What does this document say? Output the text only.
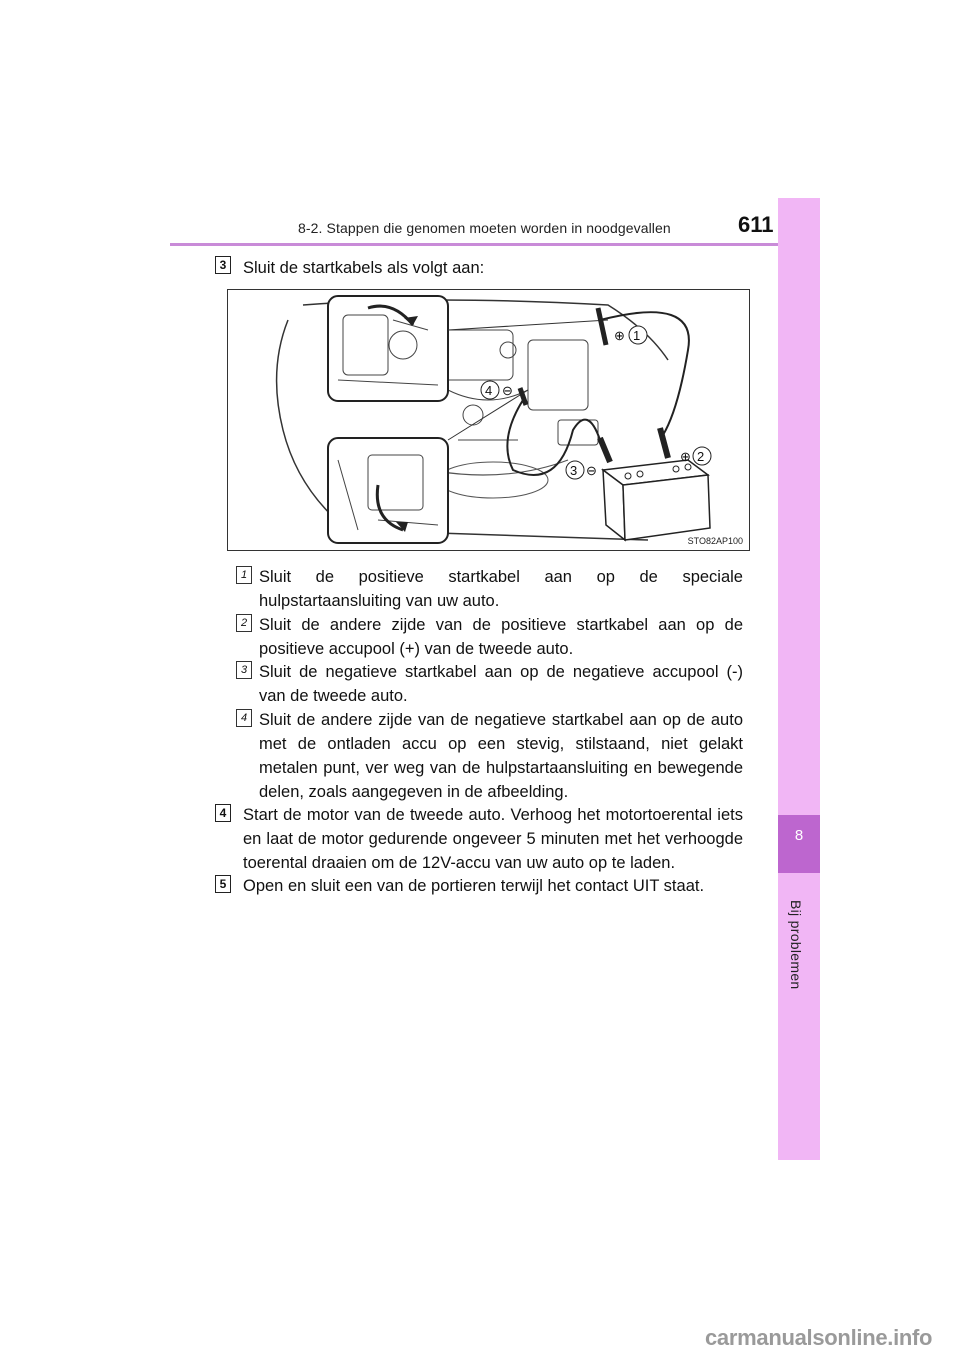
8-2. Stappen die genomen moeten worden in noodgevallen	611
8
Bij problemen
3 Sluit de startkabels als volgt aan:
⊕ 1
4 ⊖
⊕ 2
3 ⊖
STO82AP100
1 Sluit de positieve startkabel aan op de speciale hulpstartaansluiting van uw auto.
2 Sluit de andere zijde van de positieve startkabel aan op de positieve accupool (+) van de tweede auto.
3 Sluit de negatieve startkabel aan op de negatieve accupool (-) van de tweede auto.
4 Sluit de andere zijde van de negatieve startkabel aan op de auto met de ontladen accu op een stevig, stilstaand, niet gelakt metalen punt, ver weg van de hulpstartaansluiting en bewegende delen, zoals aangegeven in de afbeelding.
4 Start de motor van de tweede auto. Verhoog het motortoerental iets en laat de motor gedurende ongeveer 5 minuten met het verhoogde toerental draaien om de 12V-accu van uw auto op te laden.
5 Open en sluit een van de portieren terwijl het contact UIT staat.
carmanualsonline.info
